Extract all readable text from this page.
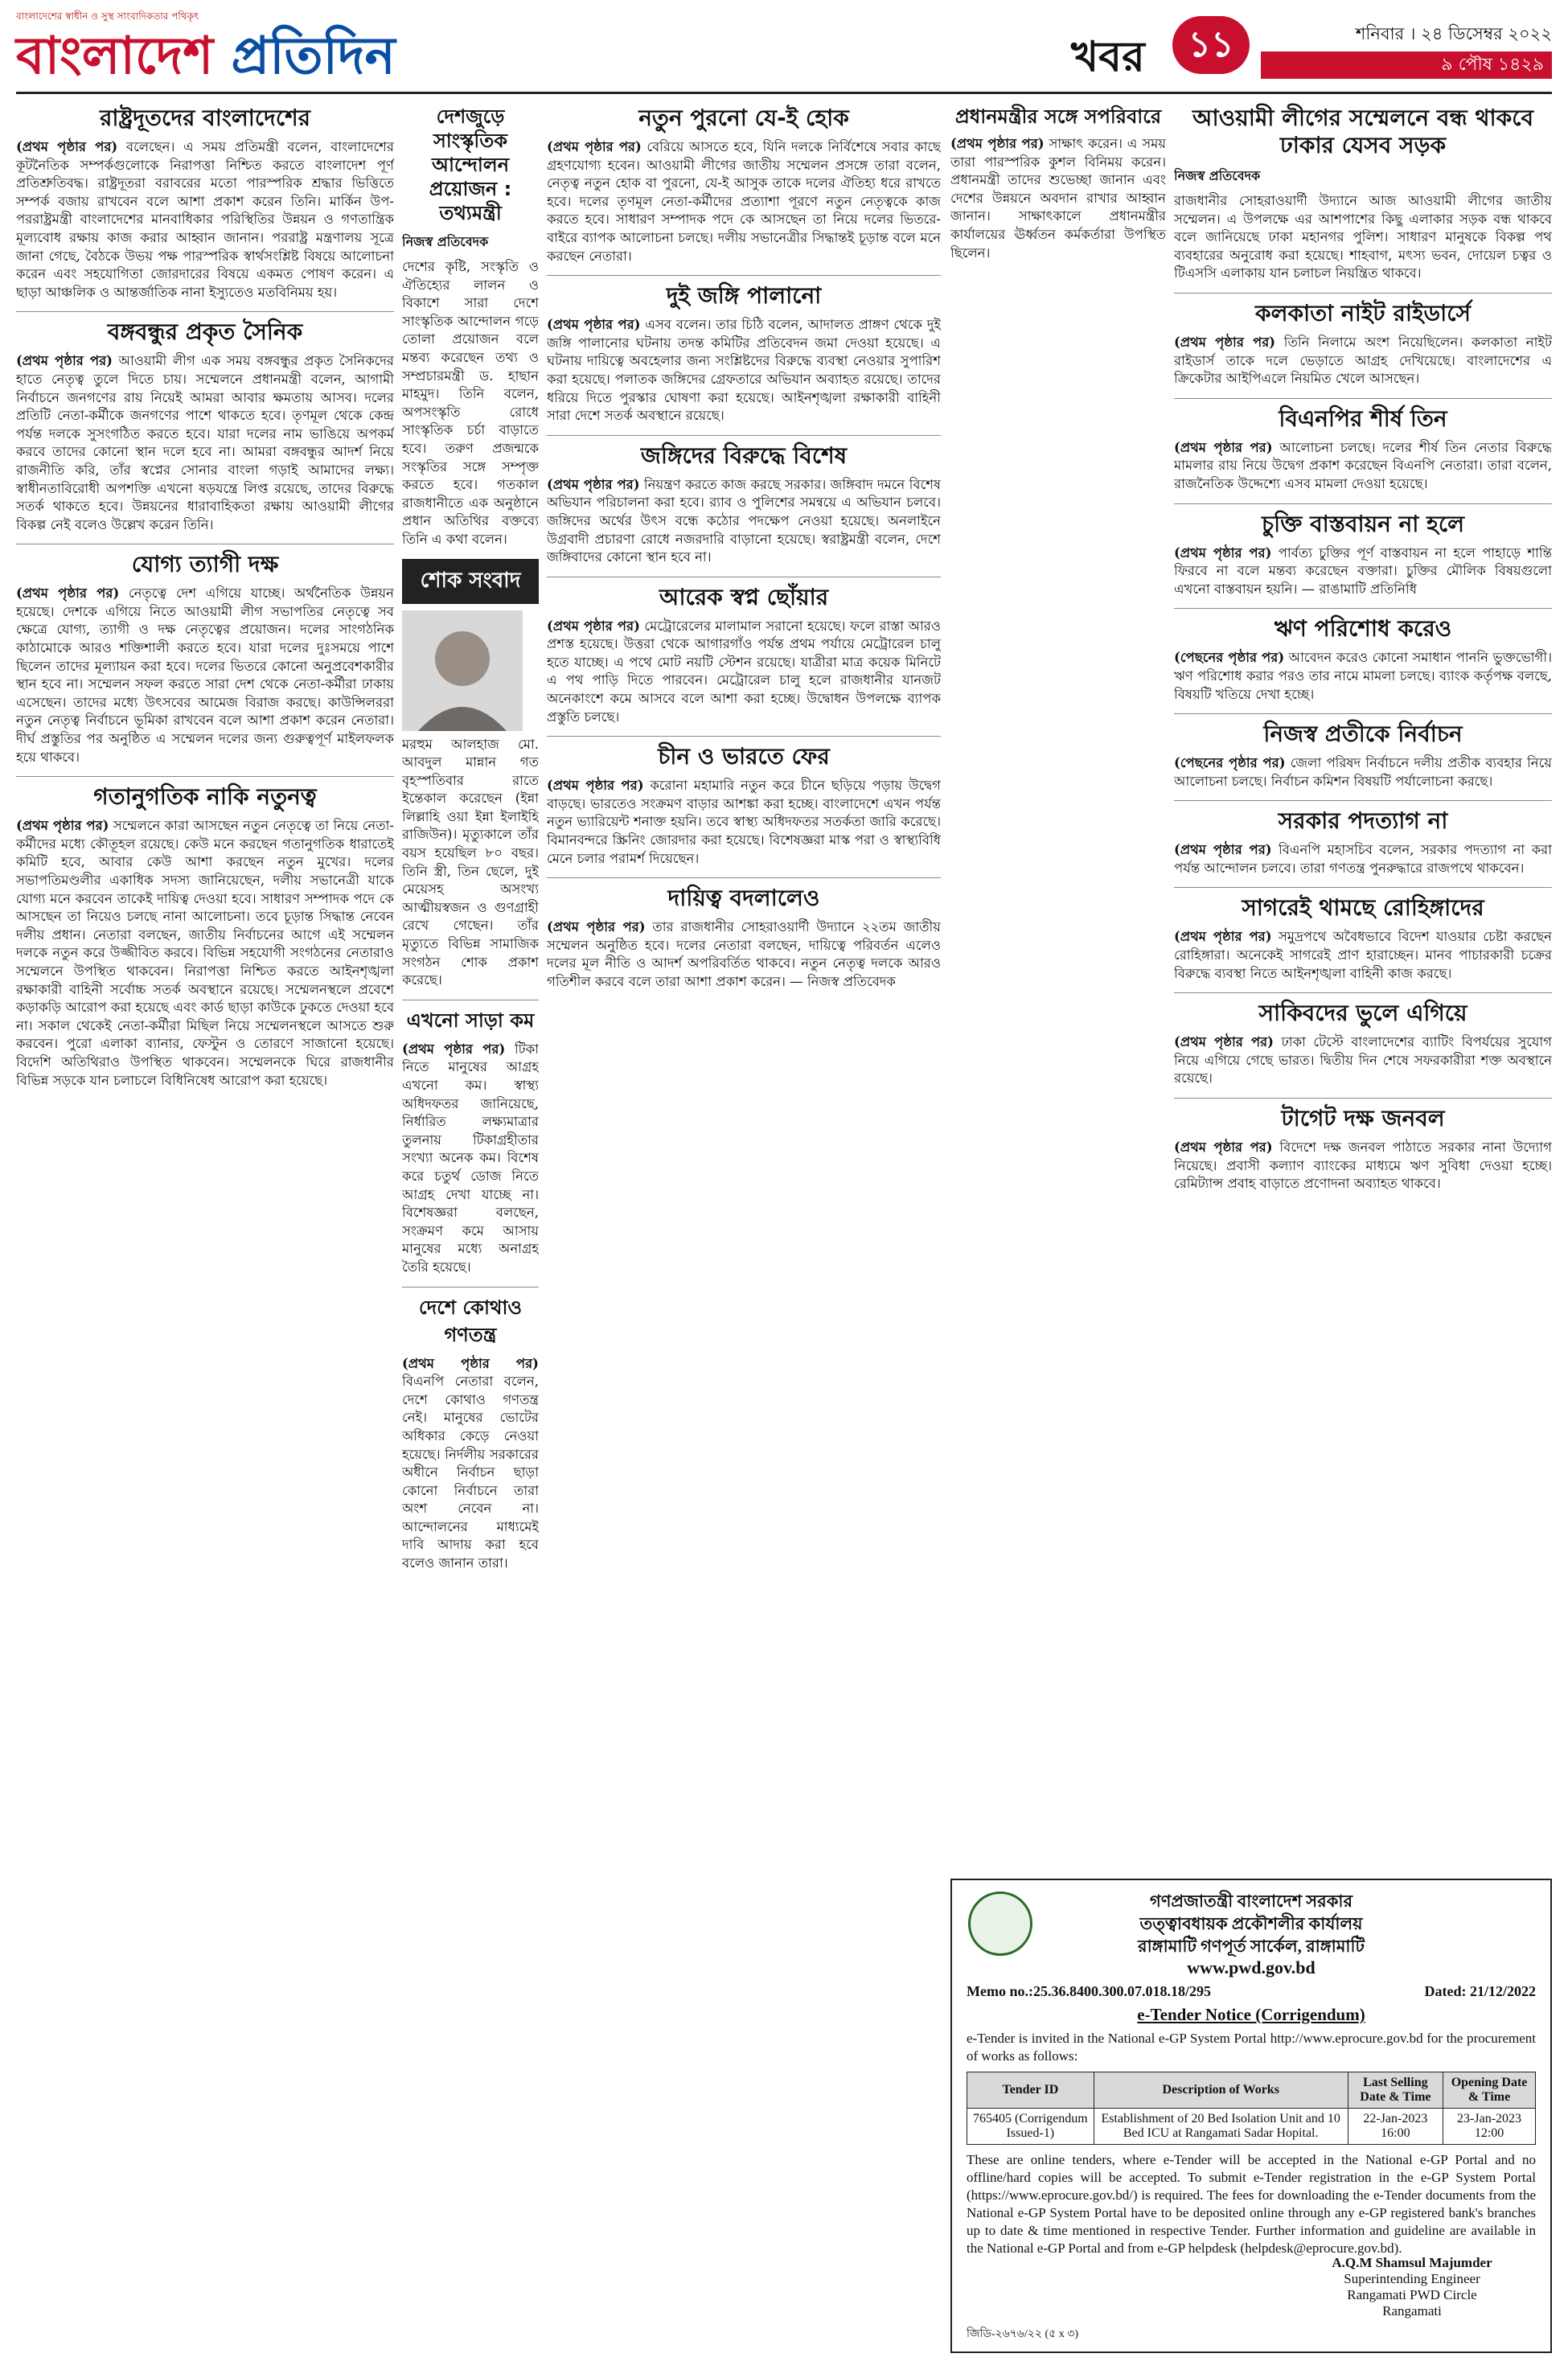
বাংলাদেশের স্বাধীন ও সুস্থ সাংবাদিকতার পথিকৃৎ
বাংলাদেশ প্রতিদিন	খবর	১১	শনিবার । ২৪ ডিসেম্বর ২০২২
৯ পৌষ ১৪২৯
রাষ্ট্রদূতদের বাংলাদেশের

(প্রথম পৃষ্ঠার পর) বলেছেন। এ সময় প্রতিমন্ত্রী বলেন, বাংলাদেশের কূটনৈতিক সম্পর্কগুলোকে নিরাপত্তা নিশ্চিত করতে বাংলাদেশ পূর্ণ প্রতিশ্রুতিবদ্ধ। রাষ্ট্রদূতরা বরাবরের মতো পারস্পরিক শ্রদ্ধার ভিত্তিতে সম্পর্ক বজায় রাখবেন বলে আশা প্রকাশ করেন তিনি। মার্কিন উপ-পররাষ্ট্রমন্ত্রী বাংলাদেশের মানবাধিকার পরিস্থিতির উন্নয়ন ও গণতান্ত্রিক মূল্যবোধ রক্ষায় কাজ করার আহ্বান জানান। পররাষ্ট্র মন্ত্রণালয় সূত্রে জানা গেছে, বৈঠকে উভয় পক্ষ পারস্পরিক স্বার্থসংশ্লিষ্ট বিষয়ে আলোচনা করেন এবং সহযোগিতা জোরদারের বিষয়ে একমত পোষণ করেন। এ ছাড়া আঞ্চলিক ও আন্তর্জাতিক নানা ইস্যুতেও মতবিনিময় হয়।

বঙ্গবন্ধুর প্রকৃত সৈনিক

(প্রথম পৃষ্ঠার পর) আওয়ামী লীগ এক সময় বঙ্গবন্ধুর প্রকৃত সৈনিকদের হাতে নেতৃত্ব তুলে দিতে চায়। সম্মেলনে প্রধানমন্ত্রী বলেন, আগামী নির্বাচনে জনগণের রায় নিয়েই আমরা আবার ক্ষমতায় আসব। দলের প্রতিটি নেতা-কর্মীকে জনগণের পাশে থাকতে হবে। তৃণমূল থেকে কেন্দ্র পর্যন্ত দলকে সুসংগঠিত করতে হবে। যারা দলের নাম ভাঙিয়ে অপকর্ম করবে তাদের কোনো স্থান দলে হবে না। আমরা বঙ্গবন্ধুর আদর্শ নিয়ে রাজনীতি করি, তাঁর স্বপ্নের সোনার বাংলা গড়াই আমাদের লক্ষ্য। স্বাধীনতাবিরোধী অপশক্তি এখনো ষড়যন্ত্রে লিপ্ত রয়েছে, তাদের বিরুদ্ধে সতর্ক থাকতে হবে। উন্নয়নের ধারাবাহিকতা রক্ষায় আওয়ামী লীগের বিকল্প নেই বলেও উল্লেখ করেন তিনি।

যোগ্য ত্যাগী দক্ষ

(প্রথম পৃষ্ঠার পর) নেতৃত্বে দেশ এগিয়ে যাচ্ছে। অর্থনৈতিক উন্নয়ন হয়েছে। দেশকে এগিয়ে নিতে আওয়ামী লীগ সভাপতির নেতৃত্বে সব ক্ষেত্রে যোগ্য, ত্যাগী ও দক্ষ নেতৃত্বের প্রয়োজন। দলের সাংগঠনিক কাঠামোকে আরও শক্তিশালী করতে হবে। যারা দলের দুঃসময়ে পাশে ছিলেন তাদের মূল্যায়ন করা হবে। দলের ভিতরে কোনো অনুপ্রবেশকারীর স্থান হবে না। সম্মেলন সফল করতে সারা দেশ থেকে নেতা-কর্মীরা ঢাকায় এসেছেন। তাদের মধ্যে উৎসবের আমেজ বিরাজ করছে। কাউন্সিলররা নতুন নেতৃত্ব নির্বাচনে ভূমিকা রাখবেন বলে আশা প্রকাশ করেন নেতারা। দীর্ঘ প্রস্তুতির পর অনুষ্ঠিত এ সম্মেলন দলের জন্য গুরুত্বপূর্ণ মাইলফলক হয়ে থাকবে।

গতানুগতিক নাকি নতুনত্ব

(প্রথম পৃষ্ঠার পর) সম্মেলনে কারা আসছেন নতুন নেতৃত্বে তা নিয়ে নেতা-কর্মীদের মধ্যে কৌতূহল রয়েছে। কেউ মনে করছেন গতানুগতিক ধারাতেই কমিটি হবে, আবার কেউ আশা করছেন নতুন মুখের। দলের সভাপতিমণ্ডলীর একাধিক সদস্য জানিয়েছেন, দলীয় সভানেত্রী যাকে যোগ্য মনে করবেন তাকেই দায়িত্ব দেওয়া হবে। সাধারণ সম্পাদক পদে কে আসছেন তা নিয়েও চলছে নানা আলোচনা। তবে চূড়ান্ত সিদ্ধান্ত নেবেন দলীয় প্রধান। নেতারা বলছেন, জাতীয় নির্বাচনের আগে এই সম্মেলন দলকে নতুন করে উজ্জীবিত করবে। বিভিন্ন সহযোগী সংগঠনের নেতারাও সম্মেলনে উপস্থিত থাকবেন। নিরাপত্তা নিশ্চিত করতে আইনশৃঙ্খলা রক্ষাকারী বাহিনী সর্বোচ্চ সতর্ক অবস্থানে রয়েছে। সম্মেলনস্থলে প্রবেশে কড়াকড়ি আরোপ করা হয়েছে এবং কার্ড ছাড়া কাউকে ঢুকতে দেওয়া হবে না। সকাল থেকেই নেতা-কর্মীরা মিছিল নিয়ে সম্মেলনস্থলে আসতে শুরু করবেন। পুরো এলাকা ব্যানার, ফেস্টুন ও তোরণে সাজানো হয়েছে। বিদেশি অতিথিরাও উপস্থিত থাকবেন। সম্মেলনকে ঘিরে রাজধানীর বিভিন্ন সড়কে যান চলাচলে বিধিনিষেধ আরোপ করা হয়েছে।

দেশজুড়ে সাংস্কৃতিক আন্দোলন প্রয়োজন : তথ্যমন্ত্রী
নিজস্ব প্রতিবেদক

দেশের কৃষ্টি, সংস্কৃতি ও ঐতিহ্যের লালন ও বিকাশে সারা দেশে সাংস্কৃতিক আন্দোলন গড়ে তোলা প্রয়োজন বলে মন্তব্য করেছেন তথ্য ও সম্প্রচারমন্ত্রী ড. হাছান মাহমুদ। তিনি বলেন, অপসংস্কৃতি রোধে সাংস্কৃতিক চর্চা বাড়াতে হবে। তরুণ প্রজন্মকে সংস্কৃতির সঙ্গে সম্পৃক্ত করতে হবে। গতকাল রাজধানীতে এক অনুষ্ঠানে প্রধান অতিথির বক্তব্যে তিনি এ কথা বলেন।

শোক সংবাদ

মরহুম আলহাজ মো. আবদুল মান্নান গত বৃহস্পতিবার রাতে ইন্তেকাল করেছেন (ইন্না লিল্লাহি ওয়া ইন্না ইলাইহি রাজিউন)। মৃত্যুকালে তাঁর বয়স হয়েছিল ৮০ বছর। তিনি স্ত্রী, তিন ছেলে, দুই মেয়েসহ অসংখ্য আত্মীয়স্বজন ও গুণগ্রাহী রেখে গেছেন। তাঁর মৃত্যুতে বিভিন্ন সামাজিক সংগঠন শোক প্রকাশ করেছে।

এখনো সাড়া কম

(প্রথম পৃষ্ঠার পর) টিকা নিতে মানুষের আগ্রহ এখনো কম। স্বাস্থ্য অধিদফতর জানিয়েছে, নির্ধারিত লক্ষ্যমাত্রার তুলনায় টিকাগ্রহীতার সংখ্যা অনেক কম। বিশেষ করে চতুর্থ ডোজ নিতে আগ্রহ দেখা যাচ্ছে না। বিশেষজ্ঞরা বলছেন, সংক্রমণ কমে আসায় মানুষের মধ্যে অনাগ্রহ তৈরি হয়েছে।

দেশে কোথাও গণতন্ত্র

(প্রথম পৃষ্ঠার পর) বিএনপি নেতারা বলেন, দেশে কোথাও গণতন্ত্র নেই। মানুষের ভোটের অধিকার কেড়ে নেওয়া হয়েছে। নির্দলীয় সরকারের অধীনে নির্বাচন ছাড়া কোনো নির্বাচনে তারা অংশ নেবেন না। আন্দোলনের মাধ্যমেই দাবি আদায় করা হবে বলেও জানান তারা।

নতুন পুরনো যে-ই হোক

(প্রথম পৃষ্ঠার পর) বেরিয়ে আসতে হবে, যিনি দলকে নির্বিশেষে সবার কাছে গ্রহণযোগ্য হবেন। আওয়ামী লীগের জাতীয় সম্মেলন প্রসঙ্গে তারা বলেন, নেতৃত্ব নতুন হোক বা পুরনো, যে-ই আসুক তাকে দলের ঐতিহ্য ধরে রাখতে হবে। দলের তৃণমূল নেতা-কর্মীদের প্রত্যাশা পূরণে নতুন নেতৃত্বকে কাজ করতে হবে। সাধারণ সম্পাদক পদে কে আসছেন তা নিয়ে দলের ভিতরে-বাইরে ব্যাপক আলোচনা চলছে। দলীয় সভানেত্রীর সিদ্ধান্তই চূড়ান্ত বলে মনে করছেন নেতারা।

দুই জঙ্গি পালানো

(প্রথম পৃষ্ঠার পর) এসব বলেন। তার চিঠি বলেন, আদালত প্রাঙ্গণ থেকে দুই জঙ্গি পালানোর ঘটনায় তদন্ত কমিটির প্রতিবেদন জমা দেওয়া হয়েছে। এ ঘটনায় দায়িত্বে অবহেলার জন্য সংশ্লিষ্টদের বিরুদ্ধে ব্যবস্থা নেওয়ার সুপারিশ করা হয়েছে। পলাতক জঙ্গিদের গ্রেফতারে অভিযান অব্যাহত রয়েছে। তাদের ধরিয়ে দিতে পুরস্কার ঘোষণা করা হয়েছে। আইনশৃঙ্খলা রক্ষাকারী বাহিনী সারা দেশে সতর্ক অবস্থানে রয়েছে।

জঙ্গিদের বিরুদ্ধে বিশেষ

(প্রথম পৃষ্ঠার পর) নিয়ন্ত্রণ করতে কাজ করছে সরকার। জঙ্গিবাদ দমনে বিশেষ অভিযান পরিচালনা করা হবে। র‌্যাব ও পুলিশের সমন্বয়ে এ অভিযান চলবে। জঙ্গিদের অর্থের উৎস বন্ধে কঠোর পদক্ষেপ নেওয়া হয়েছে। অনলাইনে উগ্রবাদী প্রচারণা রোধে নজরদারি বাড়ানো হয়েছে। স্বরাষ্ট্রমন্ত্রী বলেন, দেশে জঙ্গিবাদের কোনো স্থান হবে না।

আরেক স্বপ্ন ছোঁয়ার

(প্রথম পৃষ্ঠার পর) মেট্রোরেলের মালামাল সরানো হয়েছে। ফলে রাস্তা আরও প্রশস্ত হয়েছে। উত্তরা থেকে আগারগাঁও পর্যন্ত প্রথম পর্যায়ে মেট্রোরেল চালু হতে যাচ্ছে। এ পথে মোট নয়টি স্টেশন রয়েছে। যাত্রীরা মাত্র কয়েক মিনিটে এ পথ পাড়ি দিতে পারবেন। মেট্রোরেল চালু হলে রাজধানীর যানজট অনেকাংশে কমে আসবে বলে আশা করা হচ্ছে। উদ্বোধন উপলক্ষে ব্যাপক প্রস্তুতি চলছে।

চীন ও ভারতে ফের

(প্রথম পৃষ্ঠার পর) করোনা মহামারি নতুন করে চীনে ছড়িয়ে পড়ায় উদ্বেগ বাড়ছে। ভারতেও সংক্রমণ বাড়ার আশঙ্কা করা হচ্ছে। বাংলাদেশে এখন পর্যন্ত নতুন ভ্যারিয়েন্ট শনাক্ত হয়নি। তবে স্বাস্থ্য অধিদফতর সতর্কতা জারি করেছে। বিমানবন্দরে স্ক্রিনিং জোরদার করা হয়েছে। বিশেষজ্ঞরা মাস্ক পরা ও স্বাস্থ্যবিধি মেনে চলার পরামর্শ দিয়েছেন।

দায়িত্ব বদলালেও

(প্রথম পৃষ্ঠার পর) তার রাজধানীর সোহরাওয়ার্দী উদ্যানে ২২তম জাতীয় সম্মেলন অনুষ্ঠিত হবে। দলের নেতারা বলছেন, দায়িত্বে পরিবর্তন এলেও দলের মূল নীতি ও আদর্শ অপরিবর্তিত থাকবে। নতুন নেতৃত্ব দলকে আরও গতিশীল করবে বলে তারা আশা প্রকাশ করেন। — নিজস্ব প্রতিবেদক

প্রধানমন্ত্রীর সঙ্গে সপরিবারে

(প্রথম পৃষ্ঠার পর) সাক্ষাৎ করেন। এ সময় তারা পারস্পরিক কুশল বিনিময় করেন। প্রধানমন্ত্রী তাদের শুভেচ্ছা জানান এবং দেশের উন্নয়নে অবদান রাখার আহ্বান জানান। সাক্ষাৎকালে প্রধানমন্ত্রীর কার্যালয়ের ঊর্ধ্বতন কর্মকর্তারা উপস্থিত ছিলেন।

আওয়ামী লীগের সম্মেলনে বন্ধ থাকবে ঢাকার যেসব সড়ক
নিজস্ব প্রতিবেদক

রাজধানীর সোহরাওয়ার্দী উদ্যানে আজ আওয়ামী লীগের জাতীয় সম্মেলন। এ উপলক্ষে এর আশপাশের কিছু এলাকার সড়ক বন্ধ থাকবে বলে জানিয়েছে ঢাকা মহানগর পুলিশ। সাধারণ মানুষকে বিকল্প পথ ব্যবহারের অনুরোধ করা হয়েছে। শাহবাগ, মৎস্য ভবন, দোয়েল চত্বর ও টিএসসি এলাকায় যান চলাচল নিয়ন্ত্রিত থাকবে।

কলকাতা নাইট রাইডার্সে

(প্রথম পৃষ্ঠার পর) তিনি নিলামে অংশ নিয়েছিলেন। কলকাতা নাইট রাইডার্স তাকে দলে ভেড়াতে আগ্রহ দেখিয়েছে। বাংলাদেশের এ ক্রিকেটার আইপিএলে নিয়মিত খেলে আসছেন।

বিএনপির শীর্ষ তিন

(প্রথম পৃষ্ঠার পর) আলোচনা চলছে। দলের শীর্ষ তিন নেতার বিরুদ্ধে মামলার রায় নিয়ে উদ্বেগ প্রকাশ করেছেন বিএনপি নেতারা। তারা বলেন, রাজনৈতিক উদ্দেশ্যে এসব মামলা দেওয়া হয়েছে।

চুক্তি বাস্তবায়ন না হলে

(প্রথম পৃষ্ঠার পর) পার্বত্য চুক্তির পূর্ণ বাস্তবায়ন না হলে পাহাড়ে শান্তি ফিরবে না বলে মন্তব্য করেছেন বক্তারা। চুক্তির মৌলিক বিষয়গুলো এখনো বাস্তবায়ন হয়নি। — রাঙামাটি প্রতিনিধি

ঋণ পরিশোধ করেও

(পেছনের পৃষ্ঠার পর) আবেদন করেও কোনো সমাধান পাননি ভুক্তভোগী। ঋণ পরিশোধ করার পরও তার নামে মামলা চলছে। ব্যাংক কর্তৃপক্ষ বলছে, বিষয়টি খতিয়ে দেখা হচ্ছে।

নিজস্ব প্রতীকে নির্বাচন

(পেছনের পৃষ্ঠার পর) জেলা পরিষদ নির্বাচনে দলীয় প্রতীক ব্যবহার নিয়ে আলোচনা চলছে। নির্বাচন কমিশন বিষয়টি পর্যালোচনা করছে।

সরকার পদত্যাগ না

(প্রথম পৃষ্ঠার পর) বিএনপি মহাসচিব বলেন, সরকার পদত্যাগ না করা পর্যন্ত আন্দোলন চলবে। তারা গণতন্ত্র পুনরুদ্ধারে রাজপথে থাকবেন।

সাগরেই থামছে রোহিঙ্গাদের

(প্রথম পৃষ্ঠার পর) সমুদ্রপথে অবৈধভাবে বিদেশ যাওয়ার চেষ্টা করছেন রোহিঙ্গারা। অনেকেই সাগরেই প্রাণ হারাচ্ছেন। মানব পাচারকারী চক্রের বিরুদ্ধে ব্যবস্থা নিতে আইনশৃঙ্খলা বাহিনী কাজ করছে।

সাকিবদের ভুলে এগিয়ে

(প্রথম পৃষ্ঠার পর) ঢাকা টেস্টে বাংলাদেশের ব্যাটিং বিপর্যয়ের সুযোগ নিয়ে এগিয়ে গেছে ভারত। দ্বিতীয় দিন শেষে সফরকারীরা শক্ত অবস্থানে রয়েছে।

টাগেট দক্ষ জনবল

(প্রথম পৃষ্ঠার পর) বিদেশে দক্ষ জনবল পাঠাতে সরকার নানা উদ্যোগ নিয়েছে। প্রবাসী কল্যাণ ব্যাংকের মাধ্যমে ঋণ সুবিধা দেওয়া হচ্ছে। রেমিট্যান্স প্রবাহ বাড়াতে প্রণোদনা অব্যাহত থাকবে।

গণপ্রজাতন্ত্রী বাংলাদেশ সরকার
তত্ত্বাবধায়ক প্রকৌশলীর কার্যালয়
রাঙ্গামাটি গণপূর্ত সার্কেল, রাঙ্গামাটি
www.pwd.gov.bd
Memo no.:25.36.8400.300.07.018.18/295	Dated: 21/12/2022
e-Tender Notice (Corrigendum)

e-Tender is invited in the National e-GP System Portal http://www.eprocure.gov.bd for the procurement of works as follows:

Tender ID	Description of Works	Last Selling Date & Time	Opening Date & Time
765405 (Corrigendum Issued-1)	Establishment of 20 Bed Isolation Unit and 10 Bed ICU at Rangamati Sadar Hopital.	22-Jan-2023 16:00	23-Jan-2023 12:00

These are online tenders, where e-Tender will be accepted in the National e-GP Portal and no offline/hard copies will be accepted. To submit e-Tender registration in the e-GP System Portal (https://www.eprocure.gov.bd/) is required. The fees for downloading the e-Tender documents from the National e-GP System Portal have to be deposited online through any e-GP registered bank's branches up to date & time mentioned in respective Tender. Further information and guideline are available in the National e-GP Portal and from e-GP helpdesk (helpdesk@eprocure.gov.bd).

A.Q.M Shamsul Majumder
Superintending Engineer
Rangamati PWD Circle
Rangamati
জিডি-২৬৭৬/২২ (৫ x ৩)
